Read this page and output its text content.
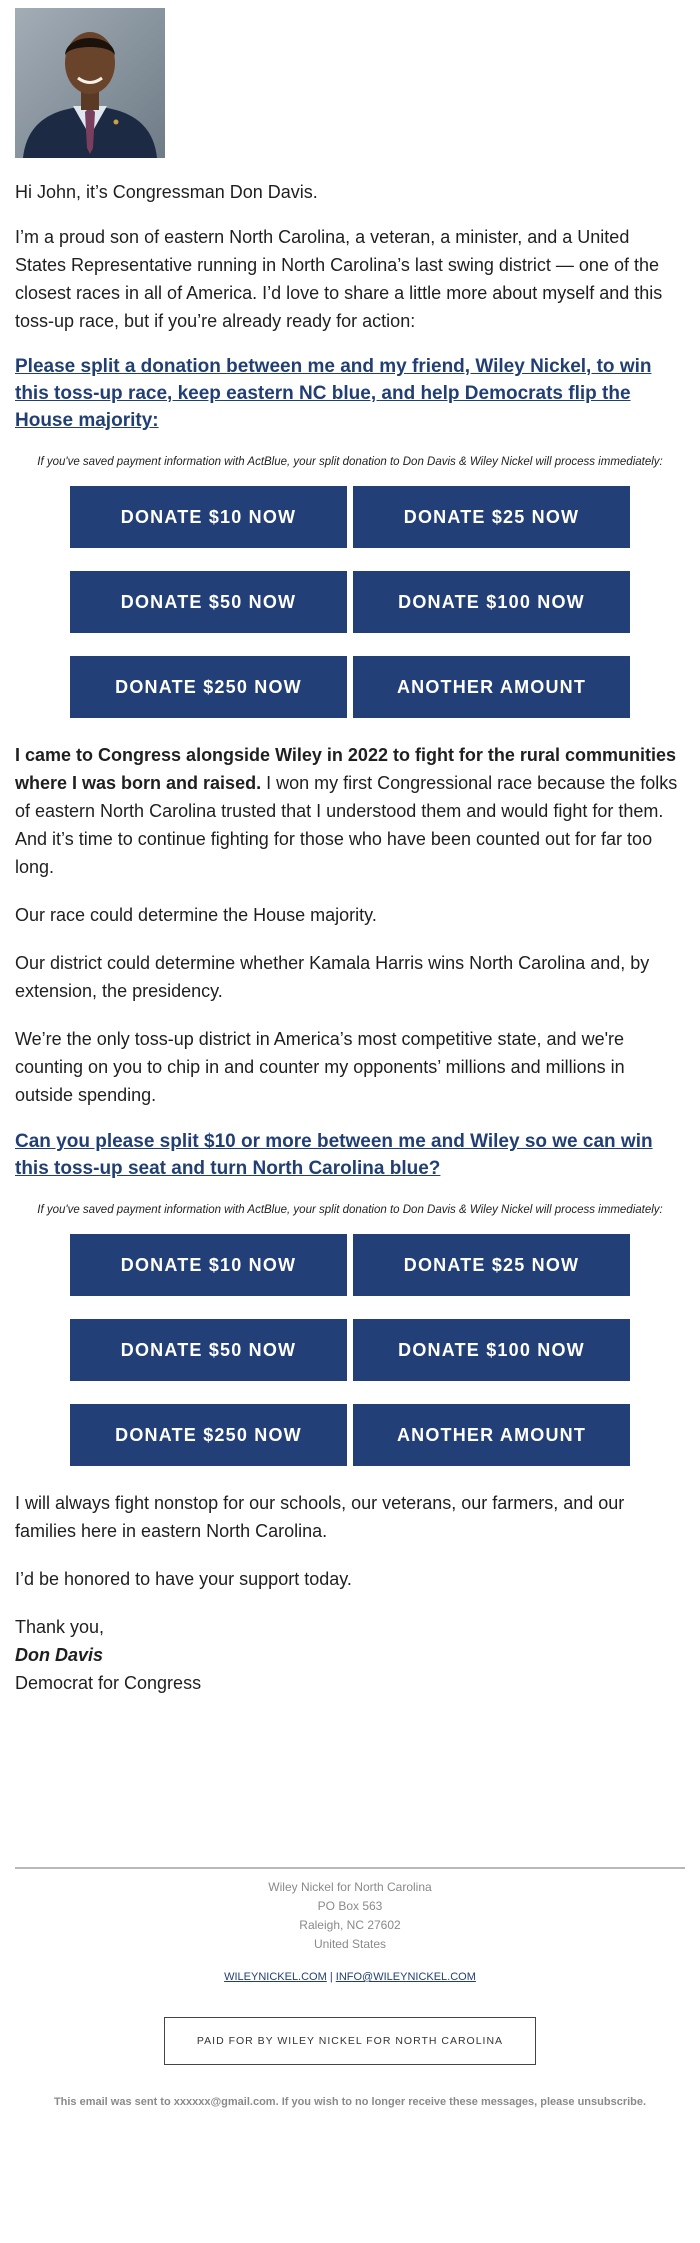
Hi John, it’s Congressman Don Davis.

I’m a proud son of eastern North Carolina, a veteran, a minister, and a United States Representative running in North Carolina’s last swing district — one of the closest races in all of America. I’d love to share a little more about myself and this toss-up race, but if you’re already ready for action:

Please split a donation between me and my friend, Wiley Nickel, to win this toss-up race, keep eastern NC blue, and help Democrats flip the House majority:

If you've saved payment information with ActBlue, your split donation to Don Davis & Wiley Nickel will process immediately:

DONATE $10 NOW	DONATE $25 NOW
DONATE $50 NOW	DONATE $100 NOW
DONATE $250 NOW	ANOTHER AMOUNT

I came to Congress alongside Wiley in 2022 to fight for the rural communities where I was born and raised. I won my first Congressional race because the folks of eastern North Carolina trusted that I understood them and would fight for them. And it’s time to continue fighting for those who have been counted out for far too long.

Our race could determine the House majority.

Our district could determine whether Kamala Harris wins North Carolina and, by extension, the presidency.

We’re the only toss-up district in America’s most competitive state, and we're counting on you to chip in and counter my opponents’ millions and millions in outside spending.

Can you please split $10 or more between me and Wiley so we can win this toss-up seat and turn North Carolina blue?

If you've saved payment information with ActBlue, your split donation to Don Davis & Wiley Nickel will process immediately:

DONATE $10 NOW	DONATE $25 NOW
DONATE $50 NOW	DONATE $100 NOW
DONATE $250 NOW	ANOTHER AMOUNT

I will always fight nonstop for our schools, our veterans, our farmers, and our families here in eastern North Carolina.

I’d be honored to have your support today.

Thank you,

Don Davis

Democrat for Congress

Wiley Nickel for North Carolina
PO Box 563
Raleigh, NC 27602
United States
WILEYNICKEL.COM | INFO@WILEYNICKEL.COM
PAID FOR BY WILEY NICKEL FOR NORTH CAROLINA
This email was sent to xxxxxx@gmail.com. If you wish to no longer receive these messages, please unsubscribe.
